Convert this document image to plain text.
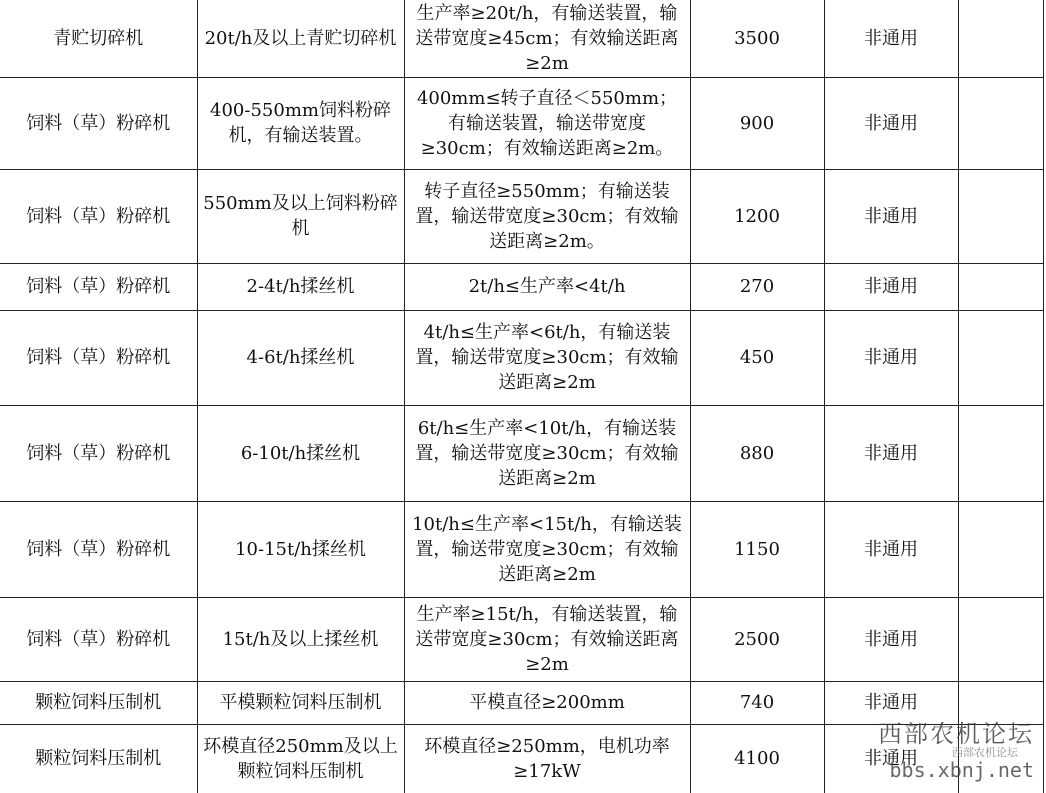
青贮切碎机	20t/h及以上青贮切碎机	生产率≥20t/h，有输送装置，输送带宽度≥45cm；有效输送距离≥2m	3500	非通用	
饲料（草）粉碎机	400-550mm饲料粉碎机，有输送装置。	400mm≤转子直径＜550mm；有输送装置，输送带宽度≥30cm；有效输送距离≥2m。	900	非通用	
饲料（草）粉碎机	550mm及以上饲料粉碎机	转子直径≥550mm；有输送装置，输送带宽度≥30cm；有效输送距离≥2m。	1200	非通用	
饲料（草）粉碎机	2-4t/h揉丝机	2t/h≤生产率<4t/h	270	非通用	
饲料（草）粉碎机	4-6t/h揉丝机	4t/h≤生产率<6t/h，有输送装置，输送带宽度≥30cm；有效输送距离≥2m	450	非通用	
饲料（草）粉碎机	6-10t/h揉丝机	6t/h≤生产率<10t/h，有输送装置，输送带宽度≥30cm；有效输送距离≥2m	880	非通用	
饲料（草）粉碎机	10-15t/h揉丝机	10t/h≤生产率<15t/h，有输送装置，输送带宽度≥30cm；有效输送距离≥2m	1150	非通用	
饲料（草）粉碎机	15t/h及以上揉丝机	生产率≥15t/h，有输送装置，输送带宽度≥30cm；有效输送距离≥2m	2500	非通用	
颗粒饲料压制机	平模颗粒饲料压制机	平模直径≥200mm	740	非通用	
颗粒饲料压制机	环模直径250mm及以上颗粒饲料压制机	环模直径≥250mm，电机功率≥17kW	4100	非通用	
西部农机论坛
西部农机论坛
bbs.xbnj.net
